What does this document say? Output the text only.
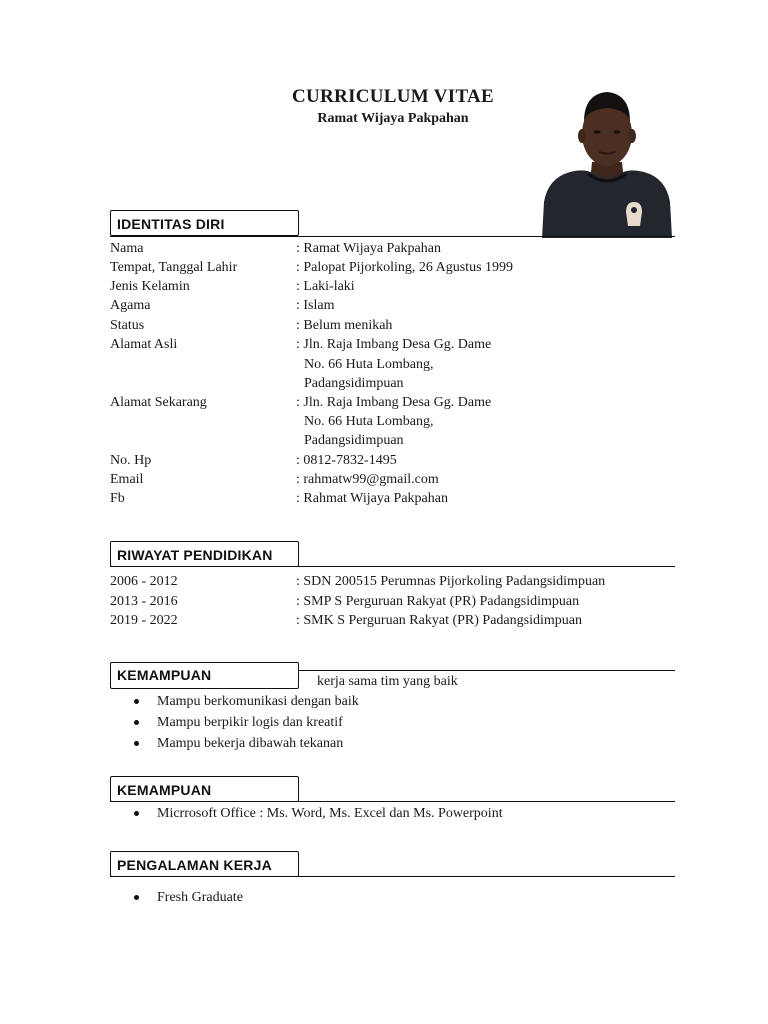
CURRICULUM VITAE
Ramat Wijaya Pakpahan
IDENTITAS DIRI
Nama	: Ramat Wijaya Pakpahan
Tempat, Tanggal Lahir	: Palopat Pijorkoling, 26 Agustus 1999
Jenis Kelamin	: Laki-laki
Agama	: Islam
Status	: Belum menikah
Alamat Asli	: Jln. Raja Imbang Desa Gg. Dame
No. 66 Huta Lombang,
Padangsidimpuan
Alamat Sekarang	: Jln. Raja Imbang Desa Gg. Dame
No. 66 Huta Lombang,
Padangsidimpuan
No. Hp	: 0812-7832-1495
Email	: rahmatw99@gmail.com
Fb	: Rahmat Wijaya Pakpahan
RIWAYAT PENDIDIKAN
2006 - 2012	: SDN 200515 Perumnas Pijorkoling Padangsidimpuan
2013 - 2016	: SMP S Perguruan Rakyat (PR) Padangsidimpuan
2019 - 2022	: SMK S Perguruan Rakyat (PR) Padangsidimpuan
kerja sama tim yang baik
KEMAMPUAN
Mampu berkomunikasi dengan baik
Mampu berpikir logis dan kreatif
Mampu bekerja dibawah tekanan
KEMAMPUAN
Micrrosoft Office : Ms. Word, Ms. Excel dan Ms. Powerpoint
PENGALAMAN KERJA
Fresh Graduate
